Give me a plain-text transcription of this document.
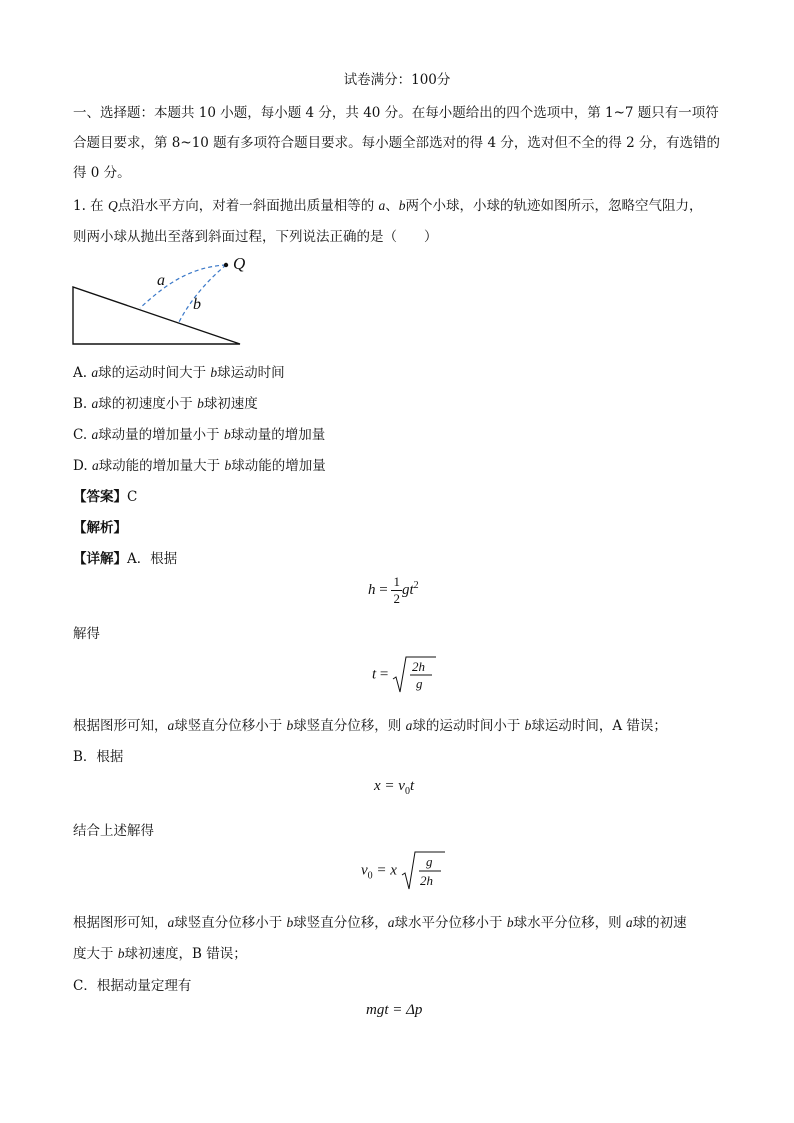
试卷满分：100分
一、选择题：本题共 10 小题，每小题 4 分，共 40 分。在每小题给出的四个选项中，第 1~7 题只有一项符
合题目要求，第 8~10 题有多项符合题目要求。每小题全部选对的得 4 分，选对但不全的得 2 分，有选错的
得 0 分。
1. 在 Q点沿水平方向，对着一斜面抛出质量相等的 a、b两个小球，小球的轨迹如图所示，忽略空气阻力，
则两小球从抛出至落到斜面过程，下列说法正确的是（　　）
Q
a
b
A. a球的运动时间大于 b球运动时间
B. a球的初速度小于 b球初速度
C. a球动量的增加量小于 b球动量的增加量
D. a球动能的增加量大于 b球动能的增加量
【答案】C
【解析】
【详解】A．根据
$h = \frac{1}{2} gt^2$
解得
t = 2h
g
根据图形可知，a球竖直分位移小于 b球竖直分位移，则 a球的运动时间小于 b球运动时间，A 错误；
B．根据
$x = v_0t$
结合上述解得
$v_0 = x$
g
2h
根据图形可知，a球竖直分位移小于 b球竖直分位移，a球水平分位移小于 b球水平分位移，则 a球的初速
度大于 b球初速度，B 错误；
C．根据动量定理有
mgt = Δp
